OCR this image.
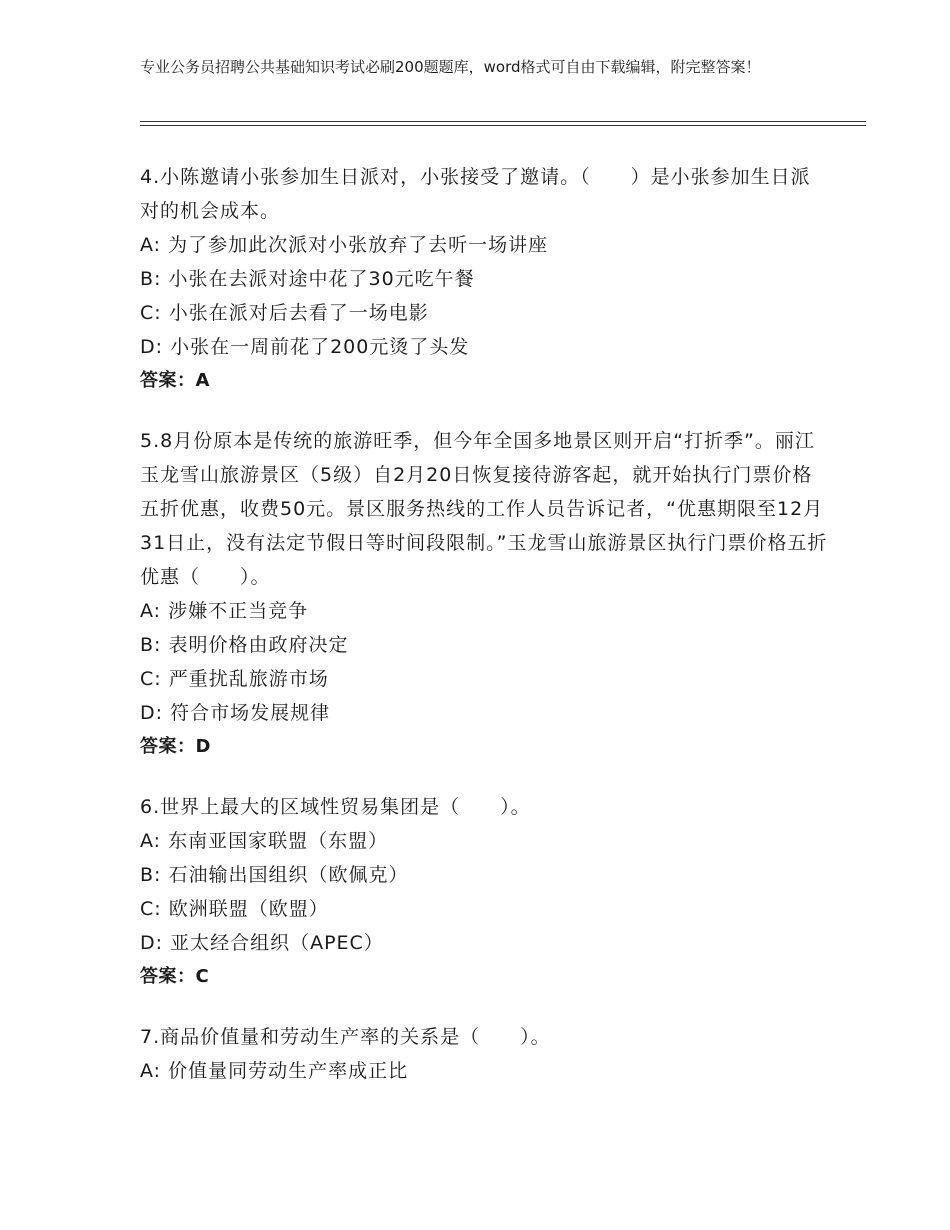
专业公务员招聘公共基础知识考试必刷200题题库，word格式可自由下载编辑，附完整答案！
4.小陈邀请小张参加生日派对，小张接受了邀请。（　　）是小张参加生日派对的机会成本。
A: 为了参加此次派对小张放弃了去听一场讲座
B: 小张在去派对途中花了30元吃午餐
C: 小张在派对后去看了一场电影
D: 小张在一周前花了200元烫了头发
答案：A
5.8月份原本是传统的旅游旺季，但今年全国多地景区则开启“打折季”。丽江玉龙雪山旅游景区（5级）自2月20日恢复接待游客起，就开始执行门票价格五折优惠，收费50元。景区服务热线的工作人员告诉记者，“优惠期限至12月31日止，没有法定节假日等时间段限制。”玉龙雪山旅游景区执行门票价格五折优惠（　　）。
A: 涉嫌不正当竞争
B: 表明价格由政府决定
C: 严重扰乱旅游市场
D: 符合市场发展规律
答案：D
6.世界上最大的区域性贸易集团是（　　）。
A: 东南亚国家联盟（东盟）
B: 石油输出国组织（欧佩克）
C: 欧洲联盟（欧盟）
D: 亚太经合组织（APEC）
答案：C
7.商品价值量和劳动生产率的关系是（　　）。
A: 价值量同劳动生产率成正比
